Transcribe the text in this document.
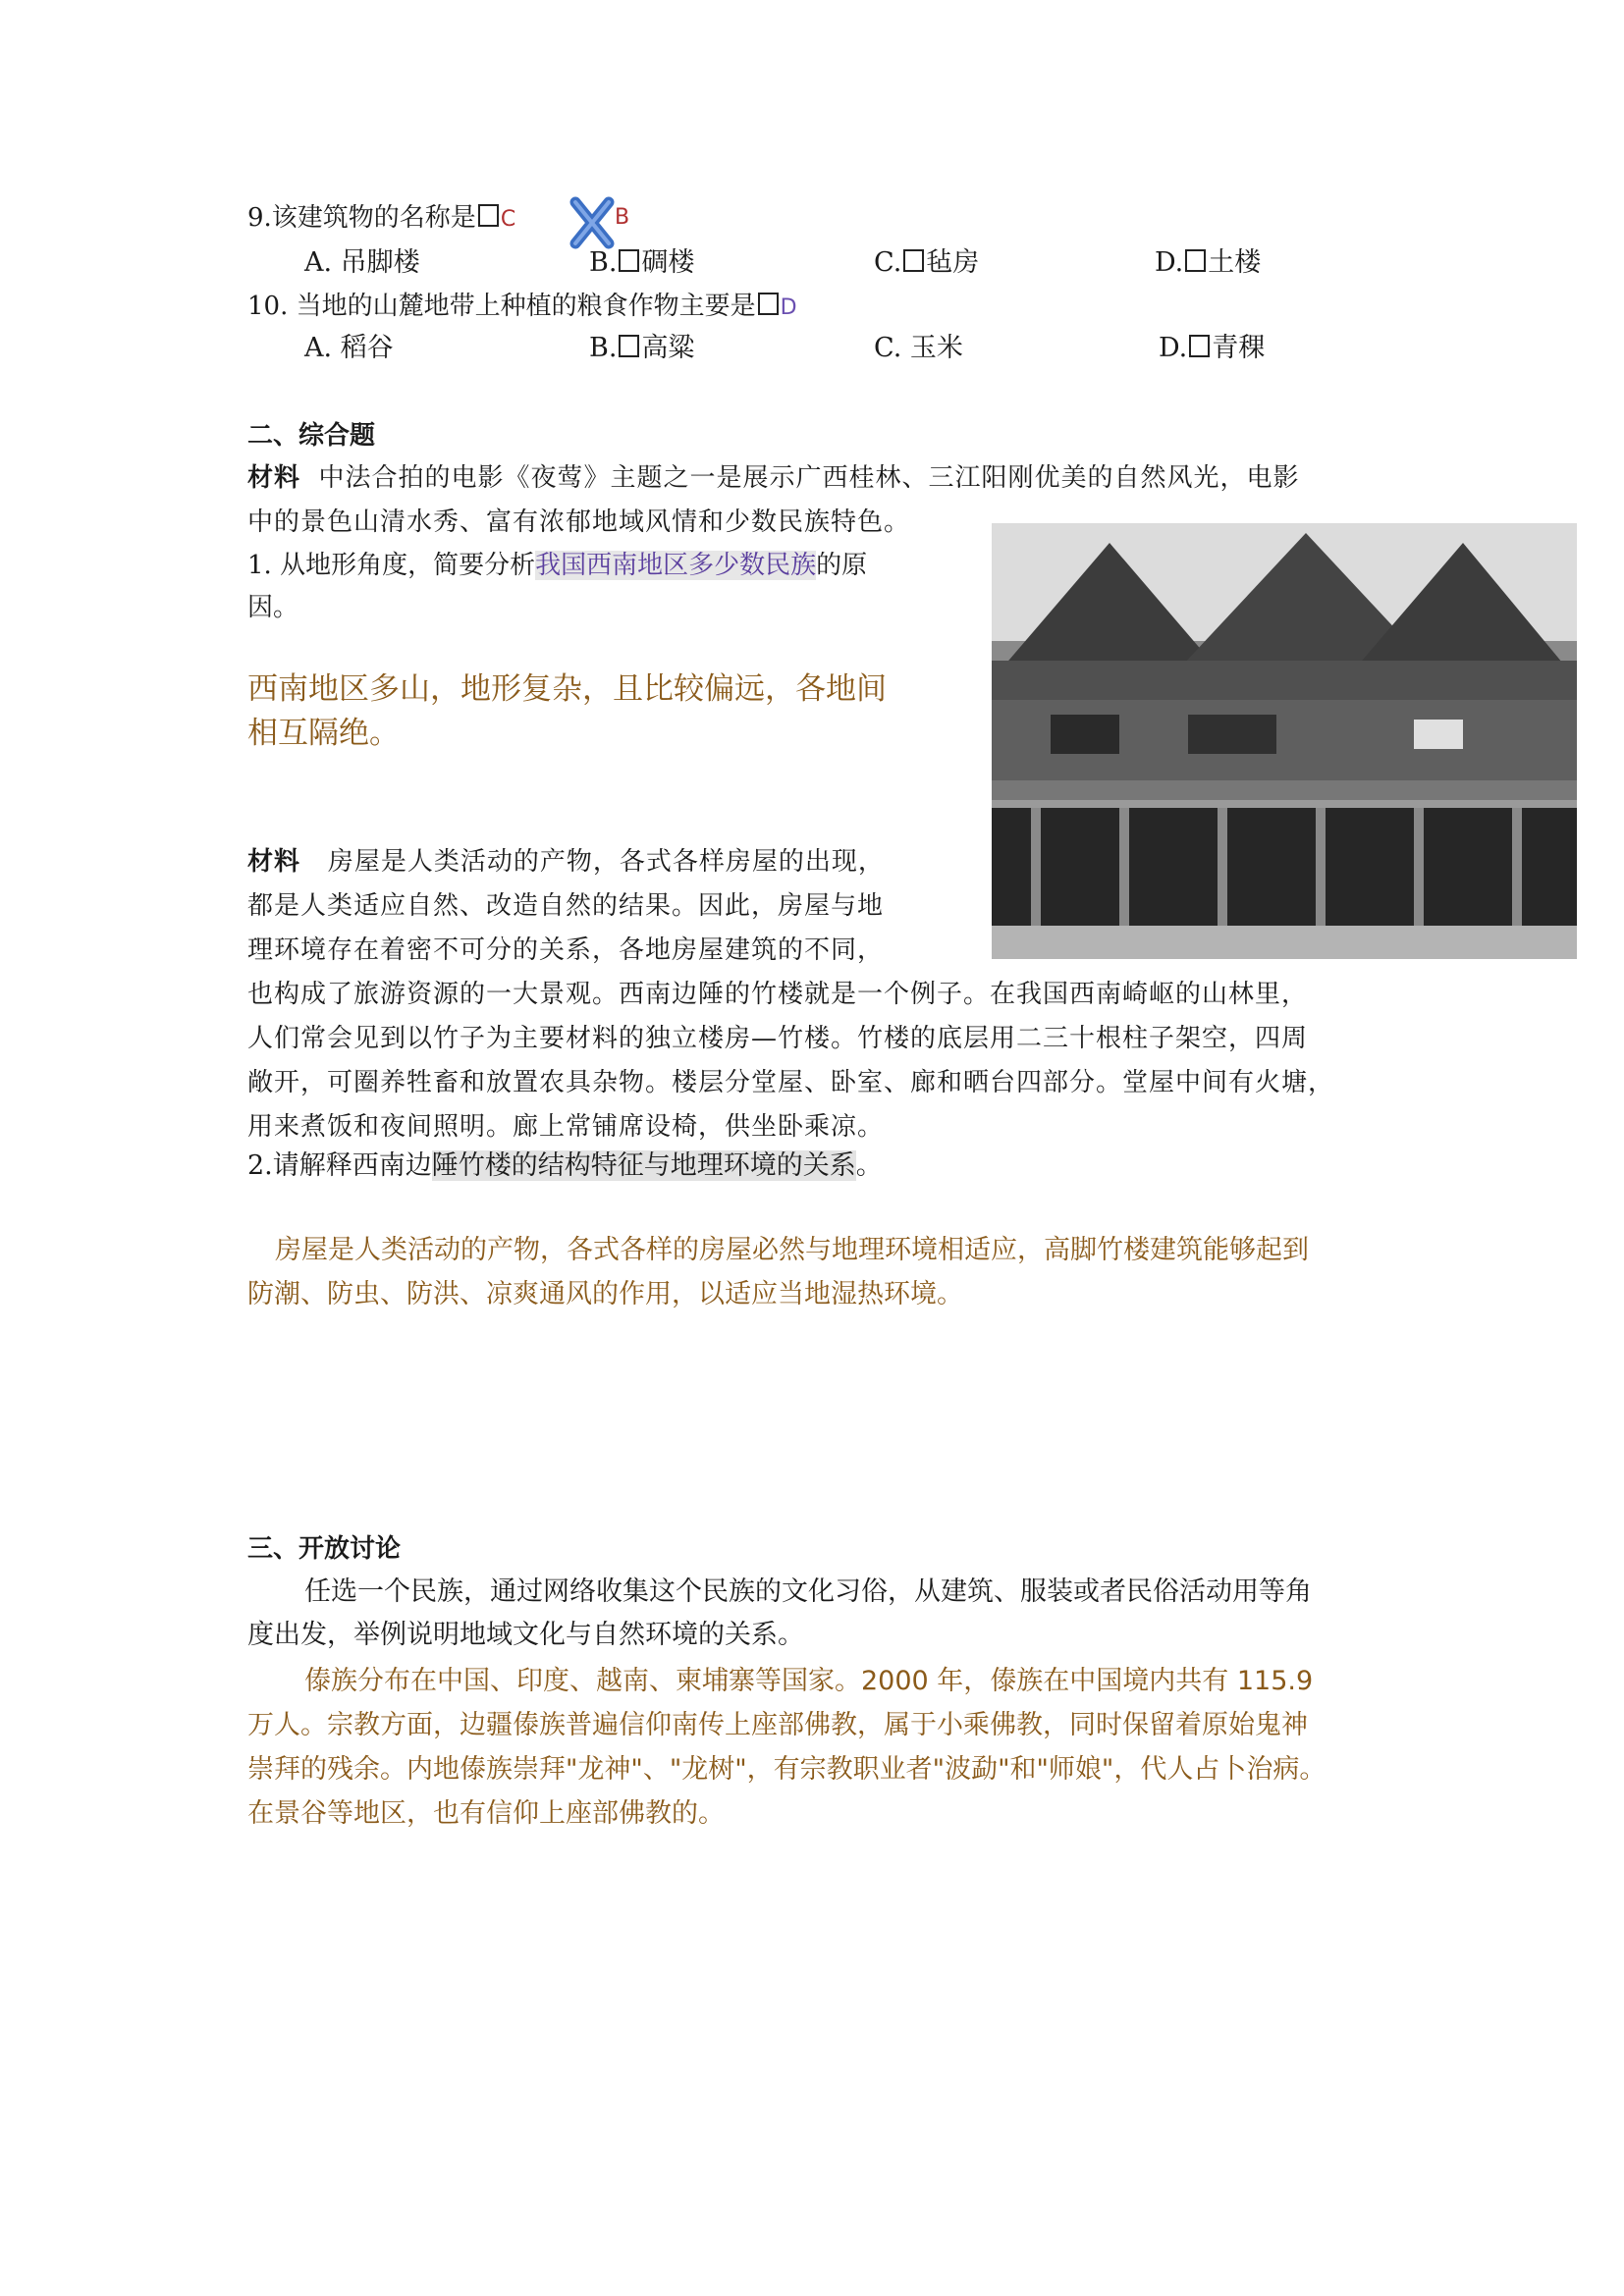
9.该建筑物的名称是 C	B
A. 吊脚楼	B. 碉楼	C. 毡房	D. 土楼
10. 当地的山麓地带上种植的粮食作物主要是 D
A. 稻谷	B. 高粱	C. 玉米	D. 青稞
二、综合题
材料 中法合拍的电影《夜莺》主题之一是展示广西桂林、三江阳刚优美的自然风光，电影
中的景色山清水秀、富有浓郁地域风情和少数民族特色。
1. 从地形角度，简要分析我国西南地区多少数民族的原
因。
西南地区多山，地形复杂，且比较偏远，各地间
相互隔绝。
材料 房屋是人类活动的产物，各式各样房屋的出现，
都是人类适应自然、改造自然的结果。因此，房屋与地
理环境存在着密不可分的关系，各地房屋建筑的不同，
也构成了旅游资源的一大景观。西南边陲的竹楼就是一个例子。在我国西南崎岖的山林里，
人们常会见到以竹子为主要材料的独立楼房—竹楼。竹楼的底层用二三十根柱子架空，四周
敞开，可圈养牲畜和放置农具杂物。楼层分堂屋、卧室、廊和晒台四部分。堂屋中间有火塘，
用来煮饭和夜间照明。廊上常铺席设椅，供坐卧乘凉。
2.请解释西南边陲竹楼的结构特征与地理环境的关系。
房屋是人类活动的产物，各式各样的房屋必然与地理环境相适应，高脚竹楼建筑能够起到
防潮、防虫、防洪、凉爽通风的作用，以适应当地湿热环境。
三、开放讨论
任选一个民族，通过网络收集这个民族的文化习俗，从建筑、服装或者民俗活动用等角
度出发，举例说明地域文化与自然环境的关系。
傣族分布在中国、印度、越南、柬埔寨等国家。2000 年，傣族在中国境内共有 115.9
万人。宗教方面，边疆傣族普遍信仰南传上座部佛教，属于小乘佛教，同时保留着原始鬼神
崇拜的残余。内地傣族崇拜"龙神"、"龙树"，有宗教职业者"波勐"和"师娘"，代人占卜治病。
在景谷等地区，也有信仰上座部佛教的。
